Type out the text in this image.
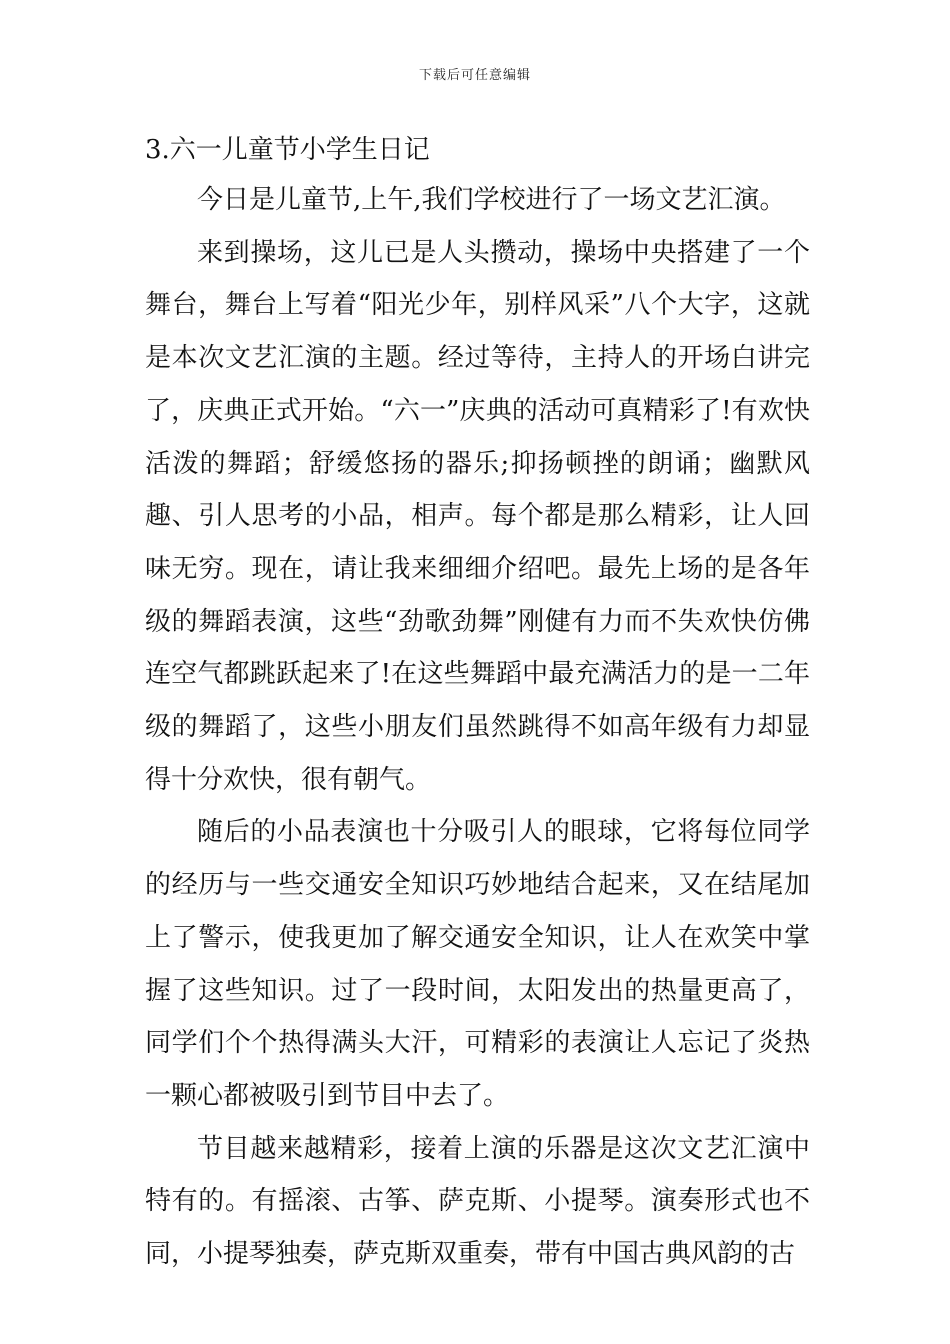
下载后可任意编辑
3.六一儿童节小学生日记

今日是儿童节,上午,我们学校进行了一场文艺汇演。

来到操场，这儿已是人头攒动，操场中央搭建了一个舞台，舞台上写着“阳光少年，别样风采”八个大字，这就是本次文艺汇演的主题。经过等待，主持人的开场白讲完了，庆典正式开始。“六一”庆典的活动可真精彩了!有欢快活泼的舞蹈；舒缓悠扬的器乐;抑扬顿挫的朗诵；幽默风趣、引人思考的小品，相声。每个都是那么精彩，让人回味无穷。现在，请让我来细细介绍吧。最先上场的是各年级的舞蹈表演，这些“劲歌劲舞”刚健有力而不失欢快仿佛连空气都跳跃起来了!在这些舞蹈中最充满活力的是一二年级的舞蹈了，这些小朋友们虽然跳得不如高年级有力却显得十分欢快，很有朝气。

随后的小品表演也十分吸引人的眼球，它将每位同学的经历与一些交通安全知识巧妙地结合起来，又在结尾加上了警示，使我更加了解交通安全知识，让人在欢笑中掌握了这些知识。过了一段时间，太阳发出的热量更高了，同学们个个热得满头大汗，可精彩的表演让人忘记了炎热一颗心都被吸引到节目中去了。

节目越来越精彩，接着上演的乐器是这次文艺汇演中特有的。有摇滚、古筝、萨克斯、小提琴。演奏形式也不同，小提琴独奏，萨克斯双重奏，带有中国古典风韵的古
